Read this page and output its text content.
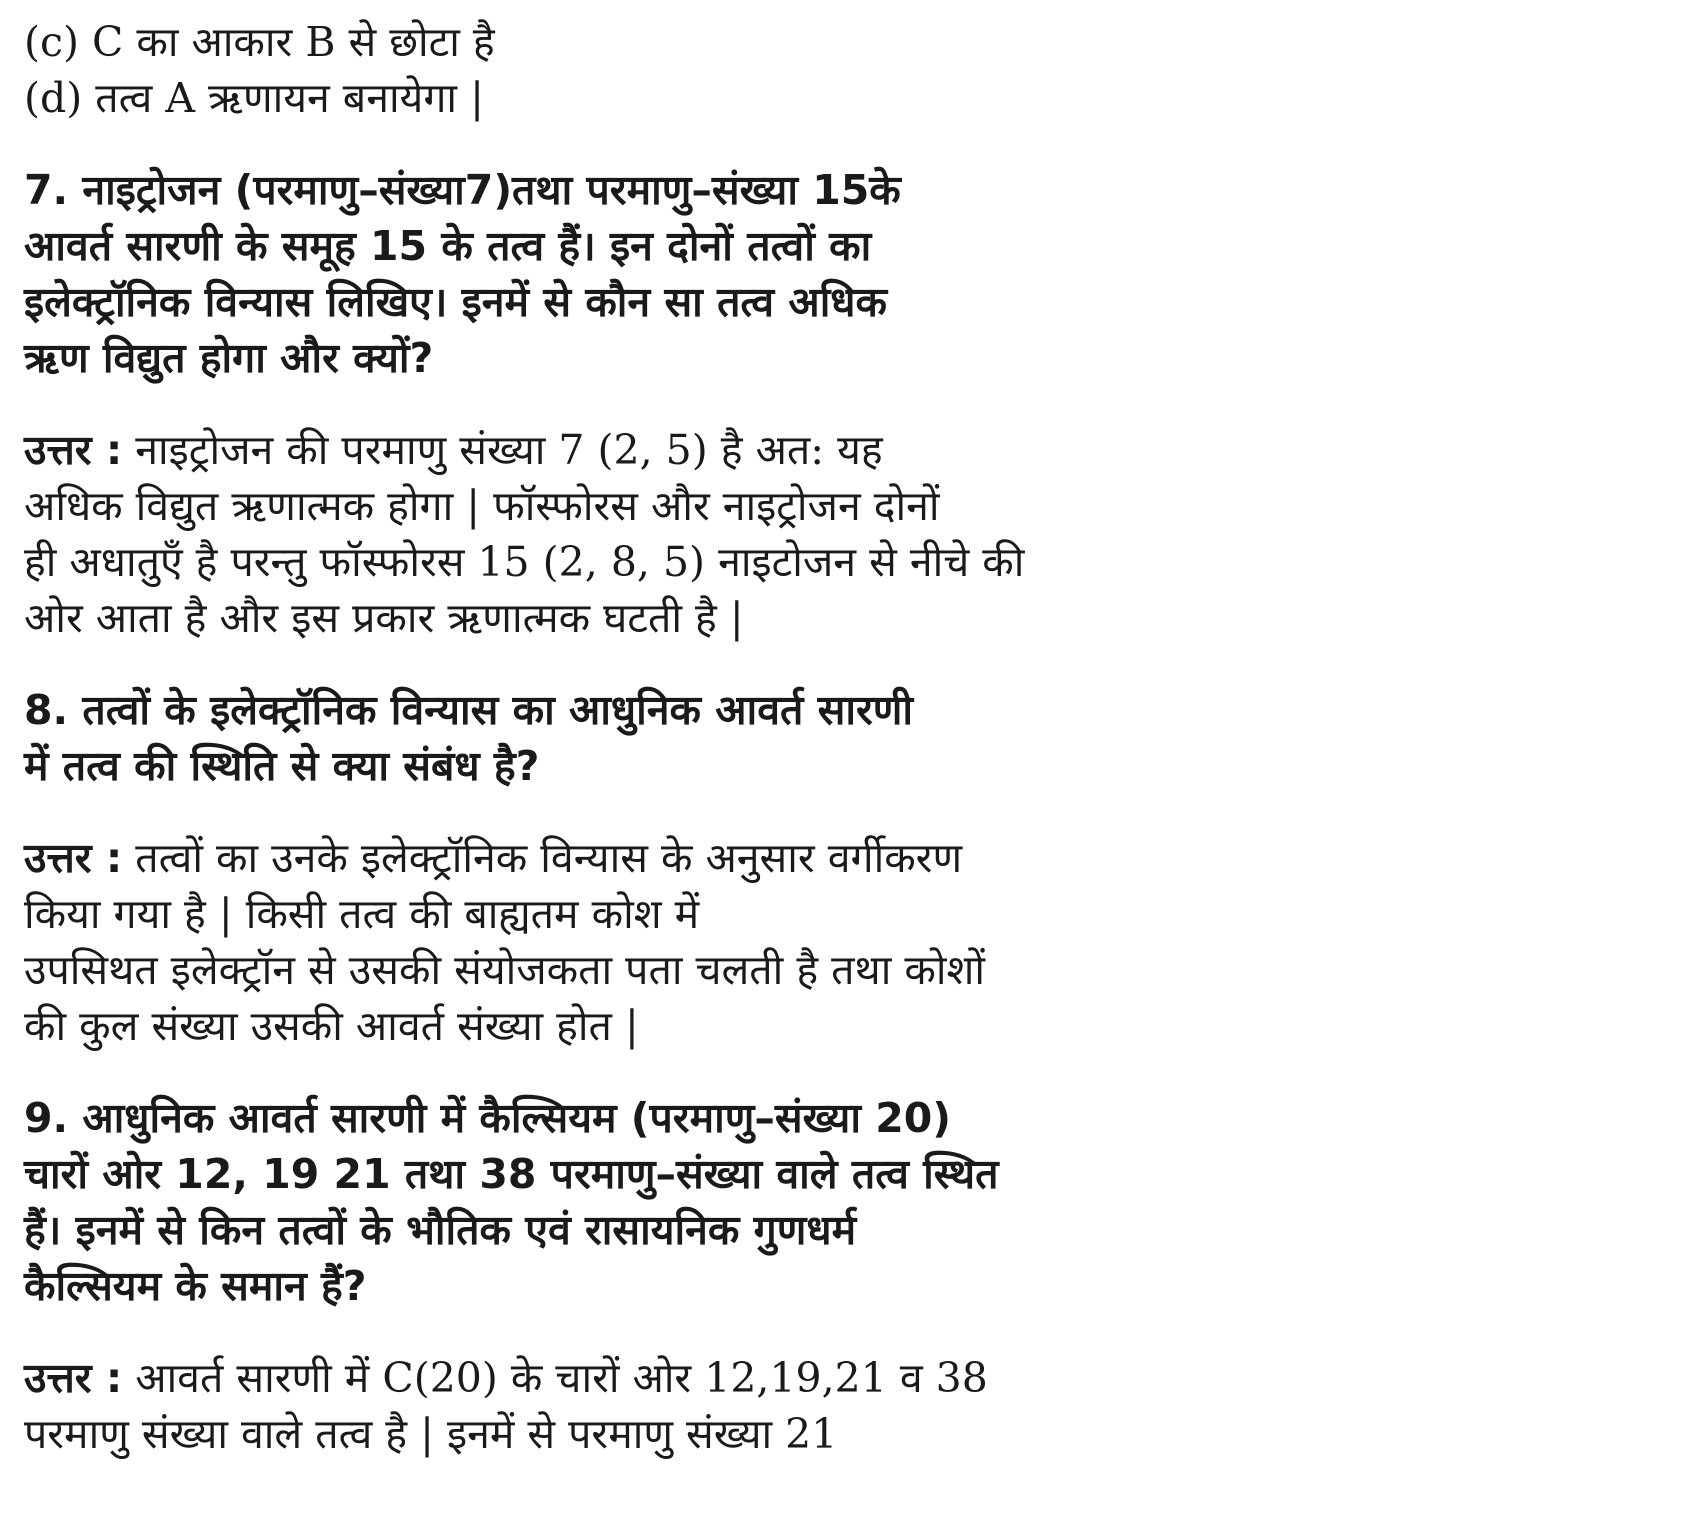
(c) C का आकार B से छोटा है
(d) तत्व A ऋणायन बनायेगा |
7. नाइट्रोजन (परमाणु–संख्या7)तथा परमाणु–संख्या 15के
आवर्त सारणी के समूह 15 के तत्व हैं। इन दोनों तत्वों का
इलेक्ट्रॉनिक विन्यास लिखिए। इनमें से कौन सा तत्व अधिक
ऋण विद्युत होगा और क्यों?
उत्तर : नाइट्रोजन की परमाणु संख्या 7 (2, 5) है अत: यह
अधिक विद्युत ऋणात्मक होगा | फॉस्फोरस और नाइट्रोजन दोनों
ही अधातुएँ है परन्तु फॉस्फोरस 15 (2, 8, 5) नाइटोजन से नीचे की
ओर आता है और इस प्रकार ऋणात्मक घटती है |
8. तत्वों के इलेक्ट्रॉनिक विन्यास का आधुनिक आवर्त सारणी
में तत्व की स्थिति से क्या संबंध है?
उत्तर : तत्वों का उनके इलेक्ट्रॉनिक विन्यास के अनुसार वर्गीकरण
किया गया है | किसी तत्व की बाह्यतम कोश में
उपसिथत इलेक्ट्रॉन से उसकी संयोजकता पता चलती है तथा कोशों
की कुल संख्या उसकी आवर्त संख्या होत |
9. आधुनिक आवर्त सारणी में कैल्सियम (परमाणु–संख्या 20)
चारों ओर 12, 19 21 तथा 38 परमाणु–संख्या वाले तत्व स्थित
हैं। इनमें से किन तत्वों के भौतिक एवं रासायनिक गुणधर्म
कैल्सियम के समान हैं?
उत्तर : आवर्त सारणी में C(20) के चारों ओर 12,19,21 व 38
परमाणु संख्या वाले तत्व है | इनमें से परमाणु संख्या 21
